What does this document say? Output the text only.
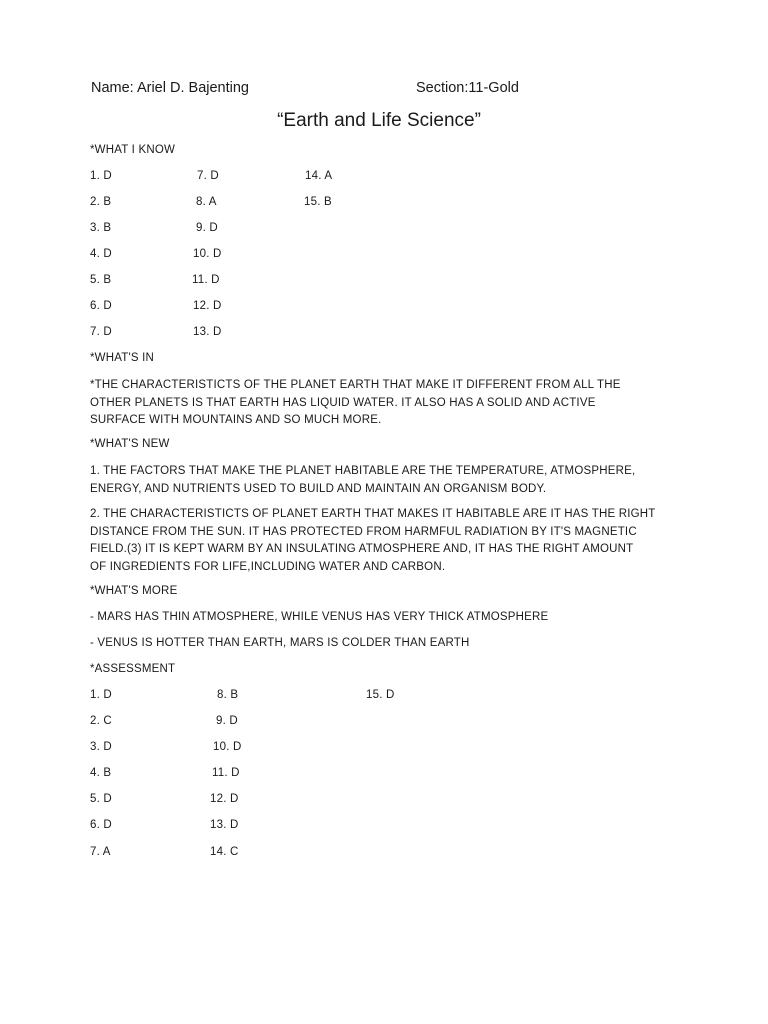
Name: Ariel D. Bajenting	Section:11-Gold
“Earth and Life Science”
*WHAT I KNOW
1. D
2. B
3. B
4. D
5. B
6. D
7. D
7. D
8. A
9. D
10. D
11. D
12. D
13. D
14. A
15. B
*WHAT'S IN
*THE CHARACTERISTICTS OF THE PLANET EARTH THAT MAKE IT DIFFERENT FROM ALL THE
OTHER PLANETS IS THAT EARTH HAS LIQUID WATER. IT ALSO HAS A SOLID AND ACTIVE
SURFACE WITH MOUNTAINS AND SO MUCH MORE.
*WHAT'S NEW
1. THE FACTORS THAT MAKE THE PLANET HABITABLE ARE THE TEMPERATURE, ATMOSPHERE,
ENERGY, AND NUTRIENTS USED TO BUILD AND MAINTAIN AN ORGANISM BODY.
2. THE CHARACTERISTICTS OF PLANET EARTH THAT MAKES IT HABITABLE ARE IT HAS THE RIGHT
DISTANCE FROM THE SUN. IT HAS PROTECTED FROM HARMFUL RADIATION BY IT'S MAGNETIC
FIELD.(3) IT IS KEPT WARM BY AN INSULATING ATMOSPHERE AND, IT HAS THE RIGHT AMOUNT
OF INGREDIENTS FOR LIFE,INCLUDING WATER AND CARBON.
*WHAT'S MORE
- MARS HAS THIN ATMOSPHERE, WHILE VENUS HAS VERY THICK ATMOSPHERE
- VENUS IS HOTTER THAN EARTH, MARS IS COLDER THAN EARTH
*ASSESSMENT
1. D
2. C
3. D
4. B
5. D
6. D
7. A
8. B
9. D
10. D
11. D
12. D
13. D
14. C
15. D
